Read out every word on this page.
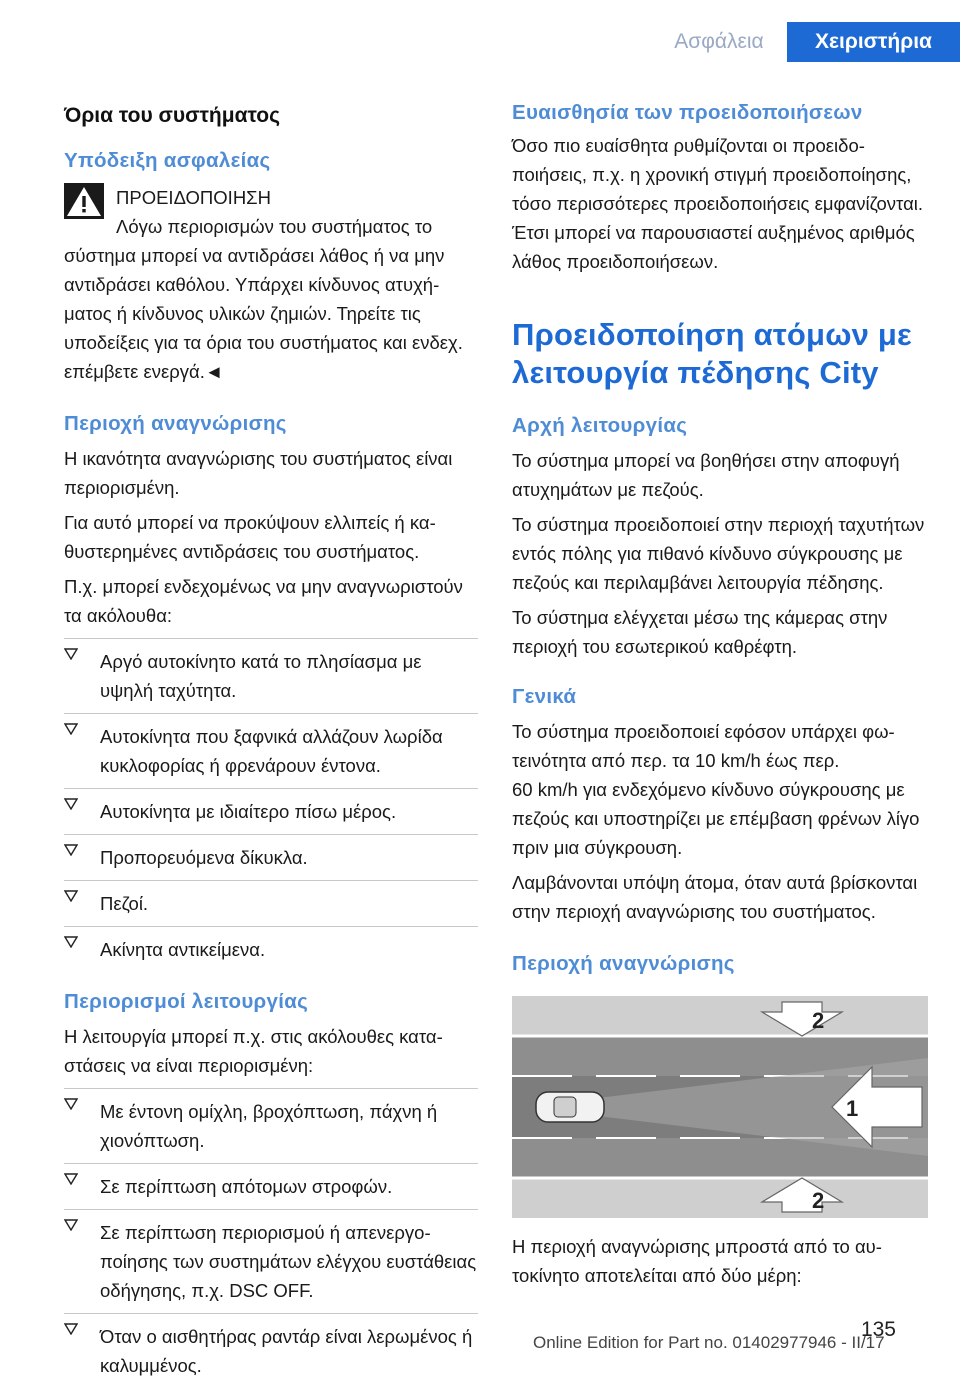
Ασφάλεια	Χειριστήρια
Όρια του συστήματος
Υπόδειξη ασφαλείας

ΠΡΟΕΙΔΟΠΟΙΗΣΗ

Λόγω περιορισμών του συστήματος το σύστημα μπορεί να αντιδράσει λάθος ή να μην αντιδράσει καθόλου. Υπάρχει κίνδυνος ατυχήματος ή κίνδυνος υλικών ζημιών. Τηρείτε τις υποδείξεις για τα όρια του συστήματος και ενδεχ. επέμβετε ενεργά.◄

Περιοχή αναγνώρισης

Η ικανότητα αναγνώρισης του συστήματος είναι περιορισμένη.

Για αυτό μπορεί να προκύψουν ελλιπείς ή καθυστερημένες αντιδράσεις του συστήματος.

Π.χ. μπορεί ενδεχομένως να μην αναγνωριστούν τα ακόλουθα:

Αργό αυτοκίνητο κατά το πλησίασμα με υψηλή ταχύτητα.
Αυτοκίνητα που ξαφνικά αλλάζουν λωρίδα κυκλοφορίας ή φρενάρουν έντονα.
Αυτοκίνητα με ιδιαίτερο πίσω μέρος.
Προπορευόμενα δίκυκλα.
Πεζοί.
Ακίνητα αντικείμενα.
Περιορισμοί λειτουργίας

Η λειτουργία μπορεί π.χ. στις ακόλουθες καταστάσεις να είναι περιορισμένη:

Με έντονη ομίχλη, βροχόπτωση, πάχνη ή χιονόπτωση.
Σε περίπτωση απότομων στροφών.
Σε περίπτωση περιορισμού ή απενεργοποίησης των συστημάτων ελέγχου ευστάθειας οδήγησης, π.χ. DSC OFF.
Όταν ο αισθητήρας ραντάρ είναι λερωμένος ή καλυμμένος.
Ευαισθησία των προειδοποιήσεων

Όσο πιο ευαίσθητα ρυθμίζονται οι προειδοποιήσεις, π.χ. η χρονική στιγμή προειδοποίησης, τόσο περισσότερες προειδοποιήσεις εμφανίζονται. Έτσι μπορεί να παρουσιαστεί αυξημένος αριθμός λάθος προειδοποιήσεων.

Προειδοποίηση ατόμων με
λειτουργία πέδησης City
Αρχή λειτουργίας

Το σύστημα μπορεί να βοηθήσει στην αποφυγή ατυχημάτων με πεζούς.

Το σύστημα προειδοποιεί στην περιοχή ταχυτήτων εντός πόλης για πιθανό κίνδυνο σύγκρουσης με πεζούς και περιλαμβάνει λειτουργία πέδησης.

Το σύστημα ελέγχεται μέσω της κάμερας στην περιοχή του εσωτερικού καθρέφτη.

Γενικά

Το σύστημα προειδοποιεί εφόσον υπάρχει φωτεινότητα από περ. τα 10 km/h έως περ.

60 km/h για ενδεχόμενο κίνδυνο σύγκρουσης με πεζούς και υποστηρίζει με επέμβαση φρένων λίγο πριν μια σύγκρουση.

Λαμβάνονται υπόψη άτομα, όταν αυτά βρίσκονται στην περιοχή αναγνώρισης του συστήματος.

Περιοχή αναγνώρισης
2
1
2

Η περιοχή αναγνώρισης μπροστά από το αυτοκίνητο αποτελείται από δύο μέρη:

135
Online Edition for Part no. 01402977946 - II/17
